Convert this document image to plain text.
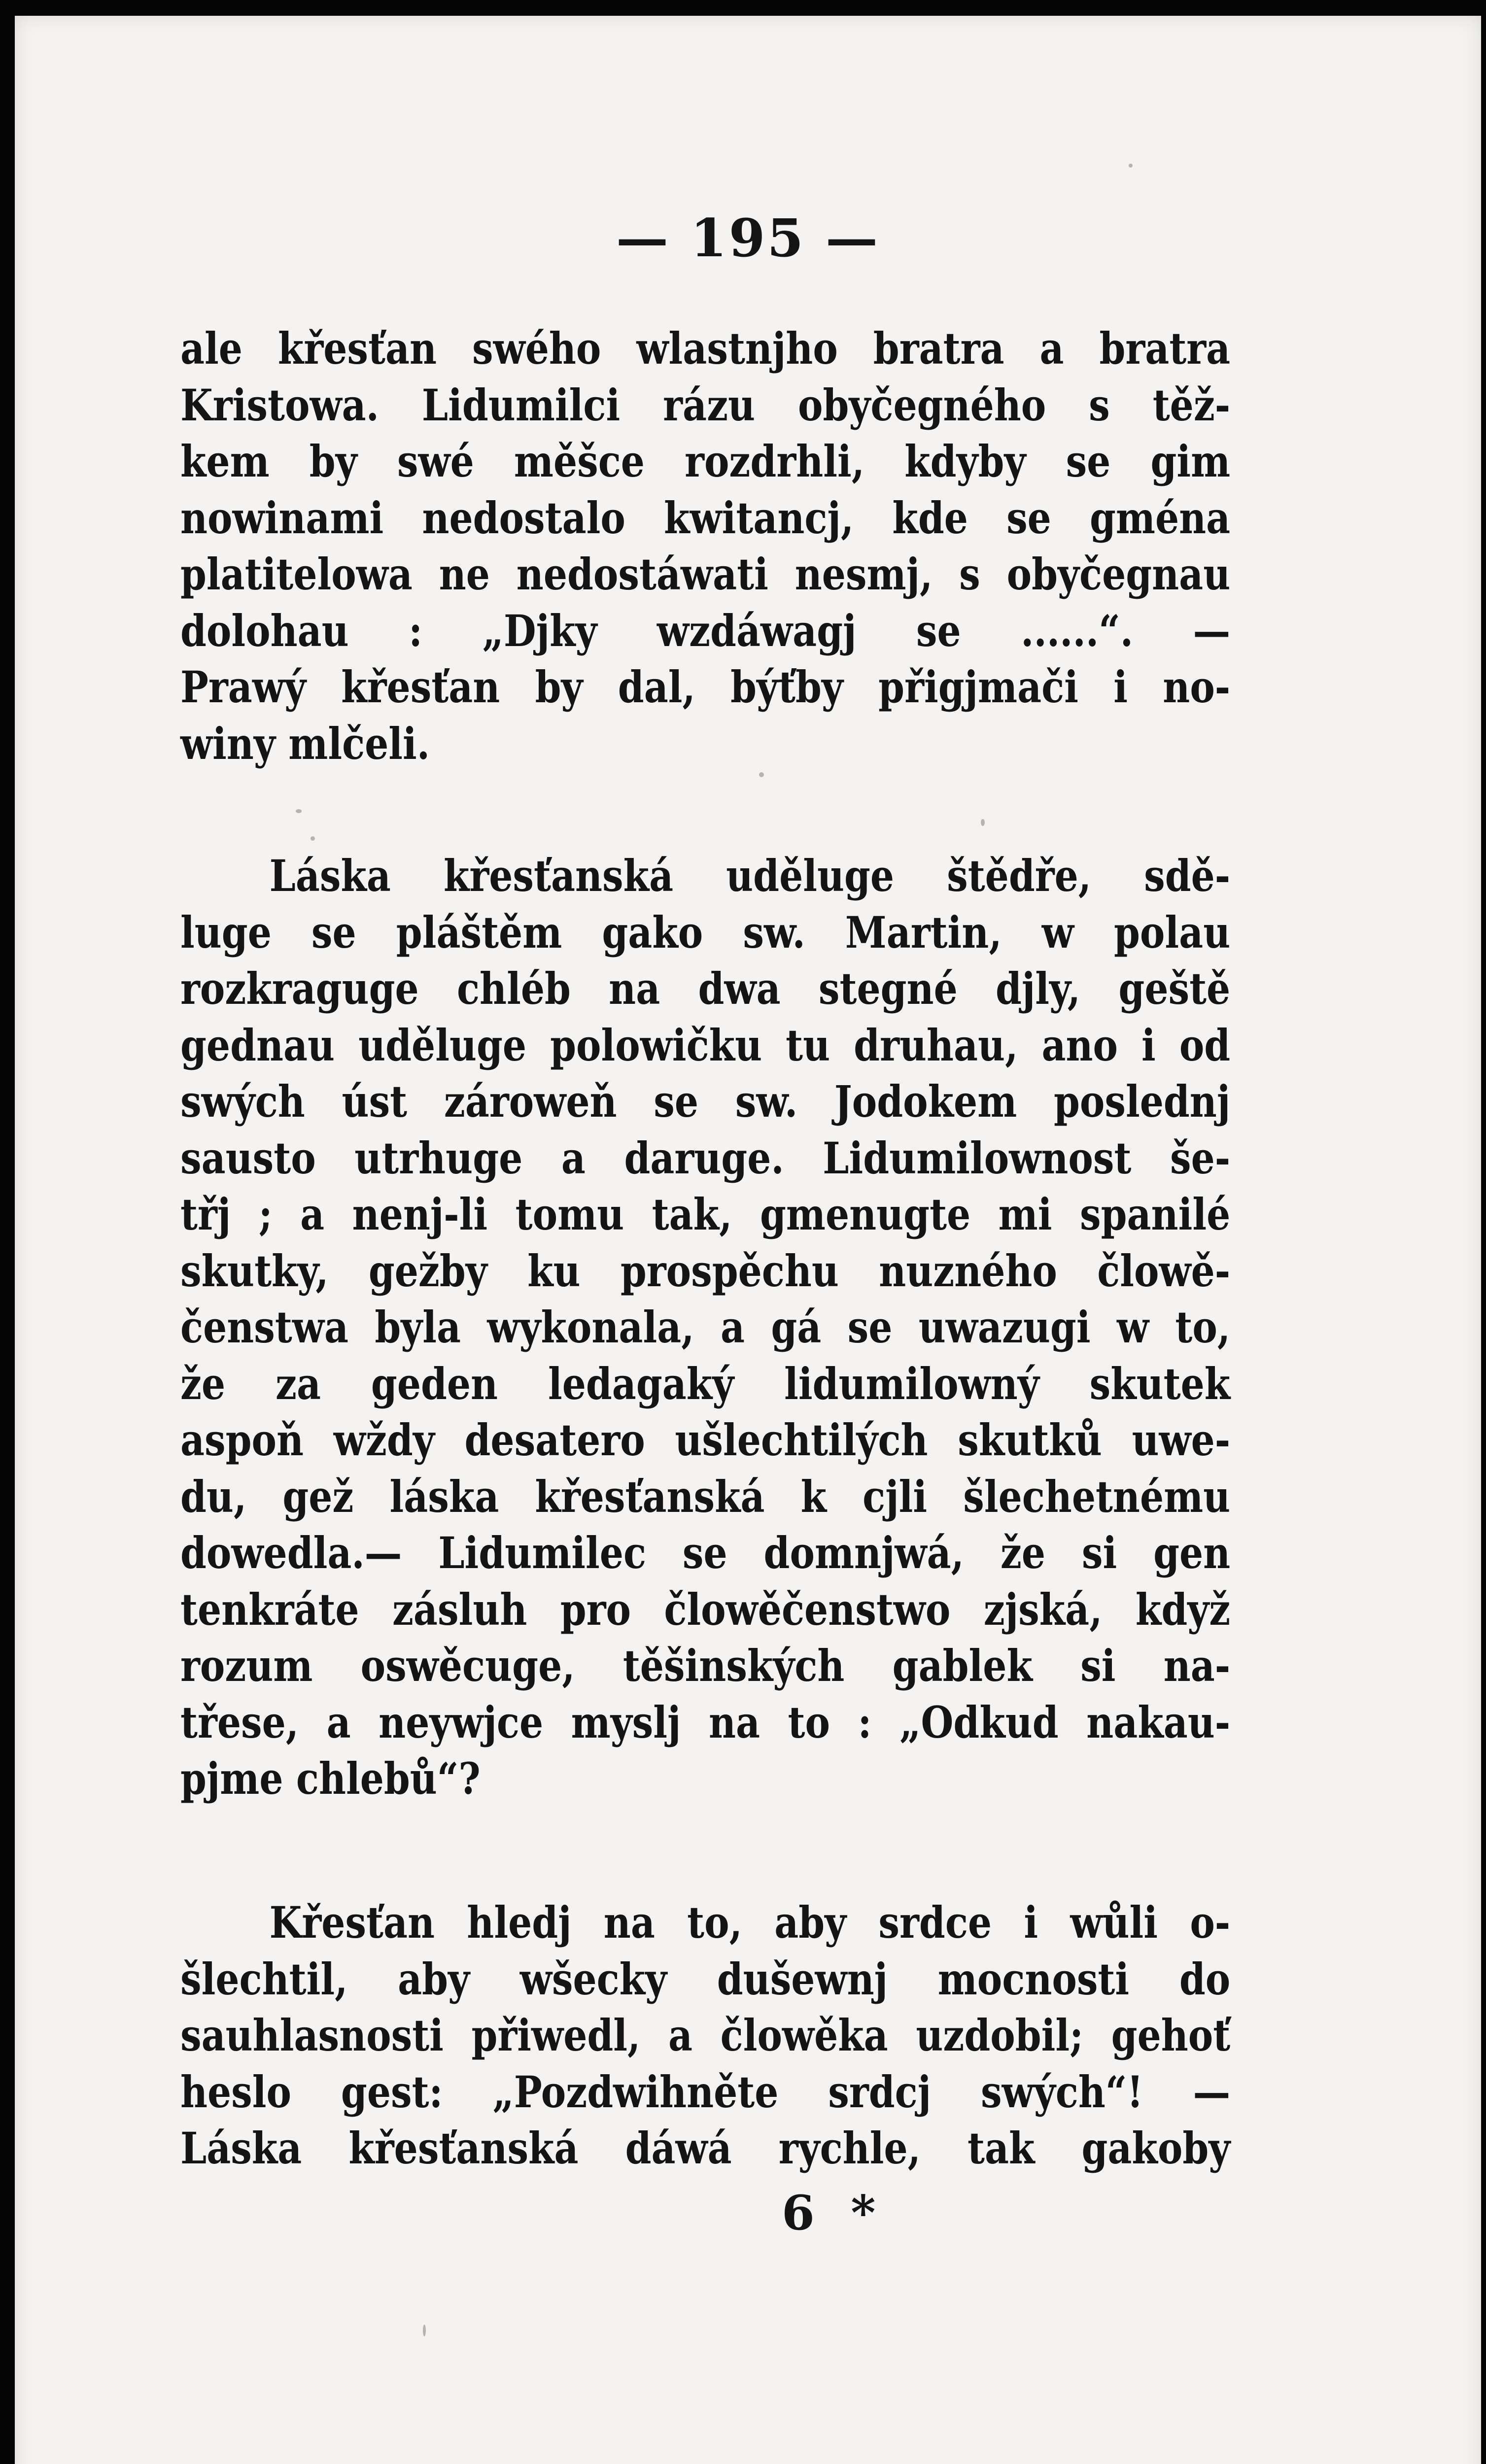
— 195 —
ale křesťan swého wlastnjho bratra a bratra
Kristowa. Lidumilci rázu obyčegného s těž-
kem by swé měšce rozdrhli, kdyby se gim
nowinami nedostalo kwitancj, kde se gména
platitelowa ne nedostáwati nesmj, s obyčegnau
dolohau : „Djky wzdáwagj se ......“. —
Prawý křesťan by dal, býťby přigjmači i no-
winy mlčeli.
Láska křesťanská uděluge štědře, sdě-
luge se pláštěm gako sw. Martin, w polau
rozkraguge chléb na dwa stegné djly, geště
gednau uděluge polowičku tu druhau, ano i od
swých úst zároweň se sw. Jodokem poslednj
sausto utrhuge a daruge. Lidumilownost še-
třj ; a nenj-li tomu tak, gmenugte mi spanilé
skutky, gežby ku prospěchu nuzného člowě-
čenstwa byla wykonala, a gá se uwazugi w to,
že za geden ledagaký lidumilowný skutek
aspoň wždy desatero ušlechtilých skutků uwe-
du, gež láska křesťanská k cjli šlechetnému
dowedla.— Lidumilec se domnjwá, že si gen
tenkráte zásluh pro člowěčenstwo zjská, když
rozum oswěcuge, těšinských gablek si na-
třese, a neywjce myslj na to : „Odkud nakau-
pjme chlebů“?
Křesťan hledj na to, aby srdce i wůli o-
šlechtil, aby wšecky dušewnj mocnosti do
sauhlasnosti přiwedl, a člowěka uzdobil; gehoť
heslo gest: „Pozdwihněte srdcj swých“! —
Láska křesťanská dáwá rychle, tak gakoby
6 *
